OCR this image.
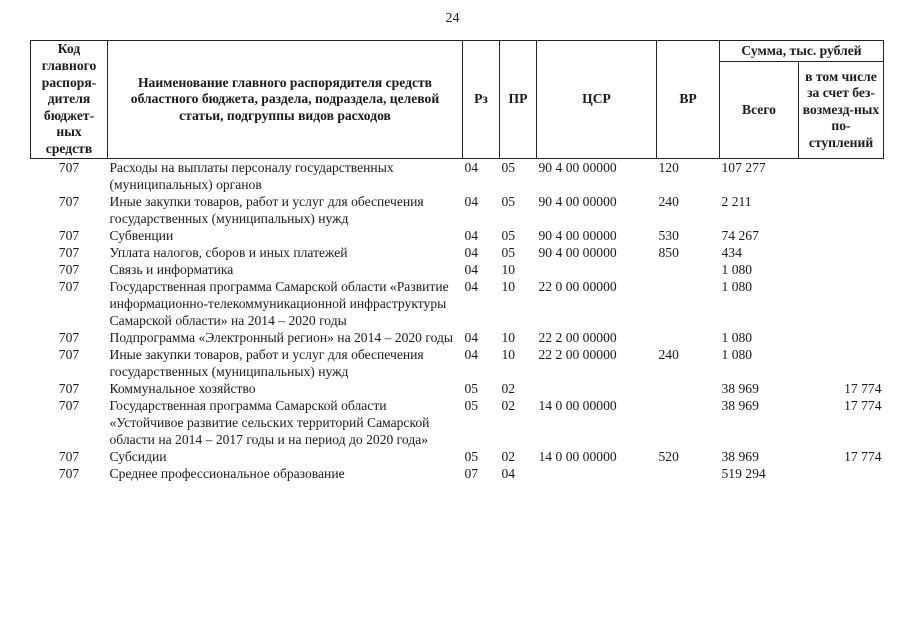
24
Код главного распоря-дителя бюджет-ных средств	Наименование главного распорядителя средств областного бюджета, раздела, подраздела, целевой статьи, подгруппы видов расходов	Рз	ПР	ЦСР	ВР	Сумма, тыс. рублей	
						Всего	в том числе за счет без-возмезд-ных по-ступлений
707	Расходы на выплаты персоналу государственных (муниципальных) органов	04	05	90 4 00 00000	120	107 277	
707	Иные закупки товаров, работ и услуг для обеспечения государственных (муниципальных) нужд	04	05	90 4 00 00000	240	2 211	
707	Субвенции	04	05	90 4 00 00000	530	74 267	
707	Уплата налогов, сборов и иных платежей	04	05	90 4 00 00000	850	434	
707	Связь и информатика	04	10			1 080	
707	Государственная программа Самарской области «Развитие информационно-телекоммуникационной инфраструктуры Самарской области» на 2014 – 2020 годы	04	10	22 0 00 00000		1 080	
707	Подпрограмма «Электронный регион» на 2014 – 2020 годы	04	10	22 2 00 00000		1 080	
707	Иные закупки товаров, работ и услуг для обеспечения государственных (муниципальных) нужд	04	10	22 2 00 00000	240	1 080	
707	Коммунальное хозяйство	05	02			38 969	17 774
707	Государственная программа Самарской области «Устойчивое развитие сельских территорий Самарской области на 2014 – 2017 годы и на период до 2020 года»	05	02	14 0 00 00000		38 969	17 774
707	Субсидии	05	02	14 0 00 00000	520	38 969	17 774
707	Среднее профессиональное образование	07	04			519 294	
